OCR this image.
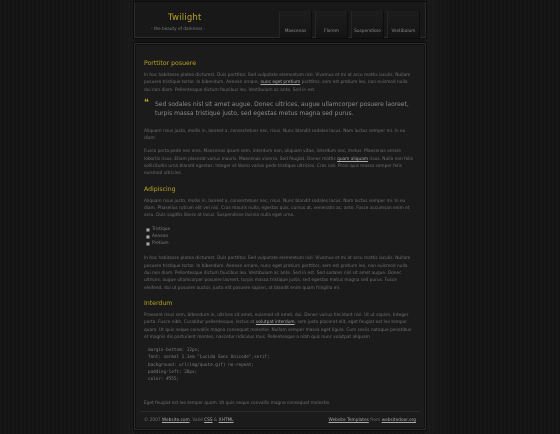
Twilight
- the beauty of darkness -
Maecenas	Florem	Suspendisse	Vestibulum
Porttitor posuere
In hac habitasse platea dictumst. Duis porttitor. Sed vulputate elementum nisl. Vivamus et mi at arcu mattis iaculis. Nullam posuere tristique tortor. In bibendum. Aenean ornare, nunc eget pretium porttitor, sem est pretium leo, non euismod nulla dui non diam. Pellentesque dictum faucibus leo. Vestibulum ac ante. Sed in est.
❝ Sed sodales nisl sit amet augue. Donec ultrices, augue ullamcorper posuere laoreet, turpis massa tristique justo, sed egestas metus magna sed purus.
Aliquam risus justo, mollis in, laoreet a, consectetuer nec, risus. Nunc blandit sodales lacus. Nam luctus semper mi. In eu diam.
Fusce porta pede nec eros. Maecenas ipsum sem, interdum non, aliquam vitae, interdum nec, metus. Maecenas ornare lobortis risus. Etiam placerat varius mauris. Maecenas viverra. Sed feugiat. Donec mattis quam aliquam risus. Nulla non felis sollicitudin urna blandit egestas. Integer et libero varius pede tristique ultricies. Cras nisl. Proin quis massa semper felis euismod ultricies.
Adipiscing
Aliquam risus justo, mollis in, laoreet a, consectetuer nec, risus. Nunc blandit sodales lacus. Nam luctus semper mi. In eu diam. Phasellus rutrum elit vel nisi. Cras mauris nulla, egestas quis, cursus at, venenatis ac, ante. Fusce accumsan enim et arcu. Duis sagittis libero at lacus. Suspendisse lacinia nulla eget urna.
■ Tristique
■ Aenean
■ Pretium
In hac habitasse platea dictumst. Duis porttitor. Sed vulputate elementum nisl. Vivamus et mi at arcu mattis iaculis. Nullam posuere tristique tortor. In bibendum. Aenean ornare, nunc eget pretium porttitor, sem est pretium leo, non euismod nulla dui non diam. Pellentesque dictum faucibus leo. Vestibulum ac ante. Sed in est. Sed sodales nisl sit amet augue. Donec ultrices, augue ullamcorper posuere laoreet, turpis massa tristique justo, sed egestas metus magna sed purus. Fusce eleifend, dui ut posuere auctor, justo elit posuere sapien, at blandit enim quam fringilla mi.
Interdum
Praesent risus sem, bibendum in, ultrices sit amet, euismod sit amet, dui. Donec varius tincidunt nisi. Ut ut sapien. Integer porta. Fusce nibh. Curabitur pellentesque, lectus at volutpat interdum, sem justo placerat elit, eget feugiat est leo tempor quam. Ut quis neque convallis magna consequat molestie. Nullam semper massa eget ligula. Cum sociis natoque penatibus et magnis dis parturient montes, nascetur ridiculus mus. Pellentesque a nibh quis nunc volutpat aliquam
margin-bottom: 12px;
font: normal 1.1em "Lucida Sans Unicode",serif;
background: url(img/quote.gif) no-repeat;
padding-left: 28px;
color: #555;
Eget feugiat est leo tempor quam. Ut quis neque convallis magna consequat molestie.
© 2007 Website.com. Valid CSS & XHTML	Website Templates from websitedoor.org
